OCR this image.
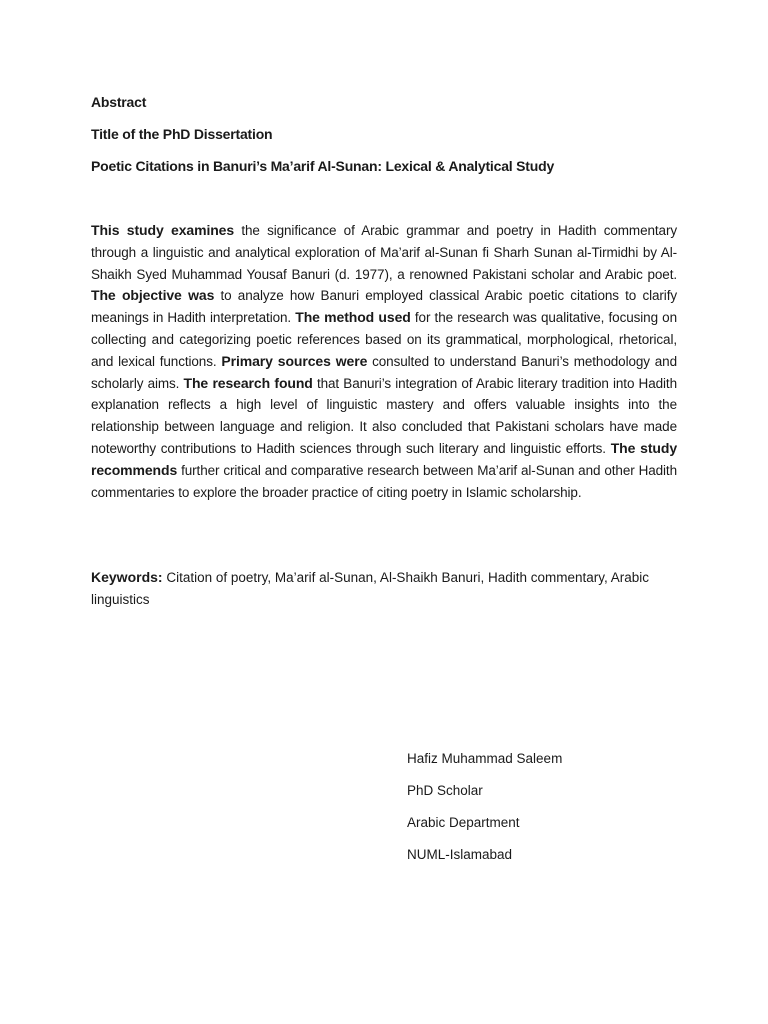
Abstract
Title of the PhD Dissertation
Poetic Citations in Banuri’s Ma’arif Al-Sunan: Lexical & Analytical Study
This study examines the significance of Arabic grammar and poetry in Hadith commentary through a linguistic and analytical exploration of Ma’arif al-Sunan fi Sharh Sunan al-Tirmidhi by Al-Shaikh Syed Muhammad Yousaf Banuri (d. 1977), a renowned Pakistani scholar and Arabic poet. The objective was to analyze how Banuri employed classical Arabic poetic citations to clarify meanings in Hadith interpretation. The method used for the research was qualitative, focusing on collecting and categorizing poetic references based on its grammatical, morphological, rhetorical, and lexical functions. Primary sources were consulted to understand Banuri’s methodology and scholarly aims. The research found that Banuri’s integration of Arabic literary tradition into Hadith explanation reflects a high level of linguistic mastery and offers valuable insights into the relationship between language and religion. It also concluded that Pakistani scholars have made noteworthy contributions to Hadith sciences through such literary and linguistic efforts. The study recommends further critical and comparative research between Ma’arif al-Sunan and other Hadith commentaries to explore the broader practice of citing poetry in Islamic scholarship.
Keywords: Citation of poetry, Ma’arif al-Sunan, Al-Shaikh Banuri, Hadith commentary, Arabic linguistics
Hafiz Muhammad Saleem
PhD Scholar
Arabic Department
NUML-Islamabad
